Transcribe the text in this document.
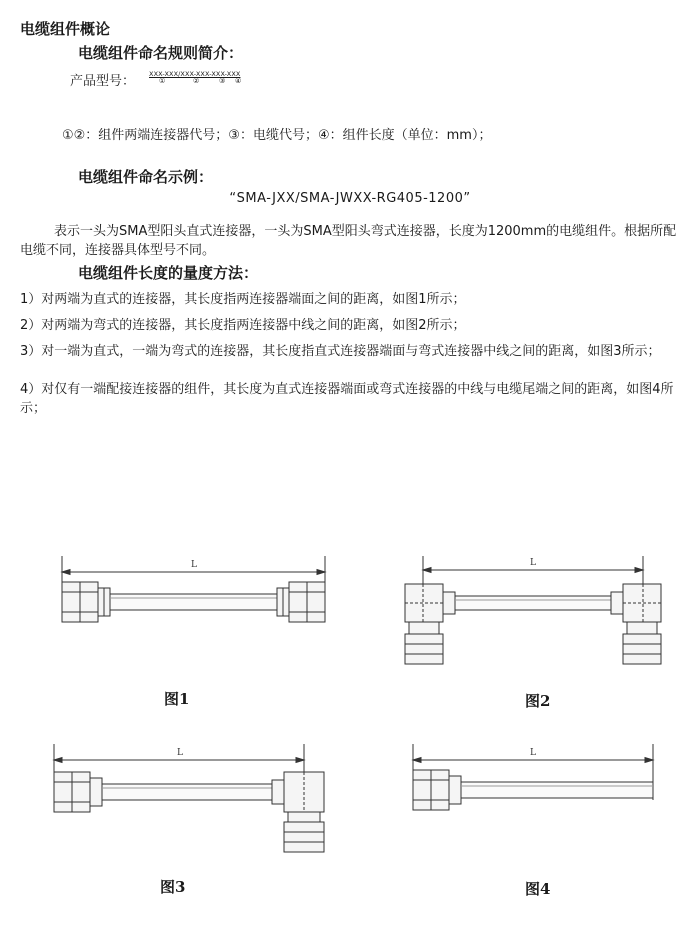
电缆组件概论
电缆组件命名规则简介：
产品型号： XXX-XXX/XXX-XXX-XXX-XXX
①	②	③ ④
①②：组件两端连接器代号；③：电缆代号；④：组件长度（单位：mm）；
电缆组件命名示例：
“SMA-JXX/SMA-JWXX-RG405-1200”
表示一头为SMA型阳头直式连接器，一头为SMA型阳头弯式连接器，长度为1200mm的电缆组件。根据所配电缆不同，连接器具体型号不同。
电缆组件长度的量度方法：
1）对两端为直式的连接器，其长度指两连接器端面之间的距离，如图1所示；
2）对两端为弯式的连接器，其长度指两连接器中线之间的距离，如图2所示；
3）对一端为直式，一端为弯式的连接器，其长度指直式连接器端面与弯式连接器中线之间的距离，如图3所示；
4）对仅有一端配接连接器的组件，其长度为直式连接器端面或弯式连接器的中线与电缆尾端之间的距离，如图4所示；
L
图1
L
图2
L
图3
L
图4
